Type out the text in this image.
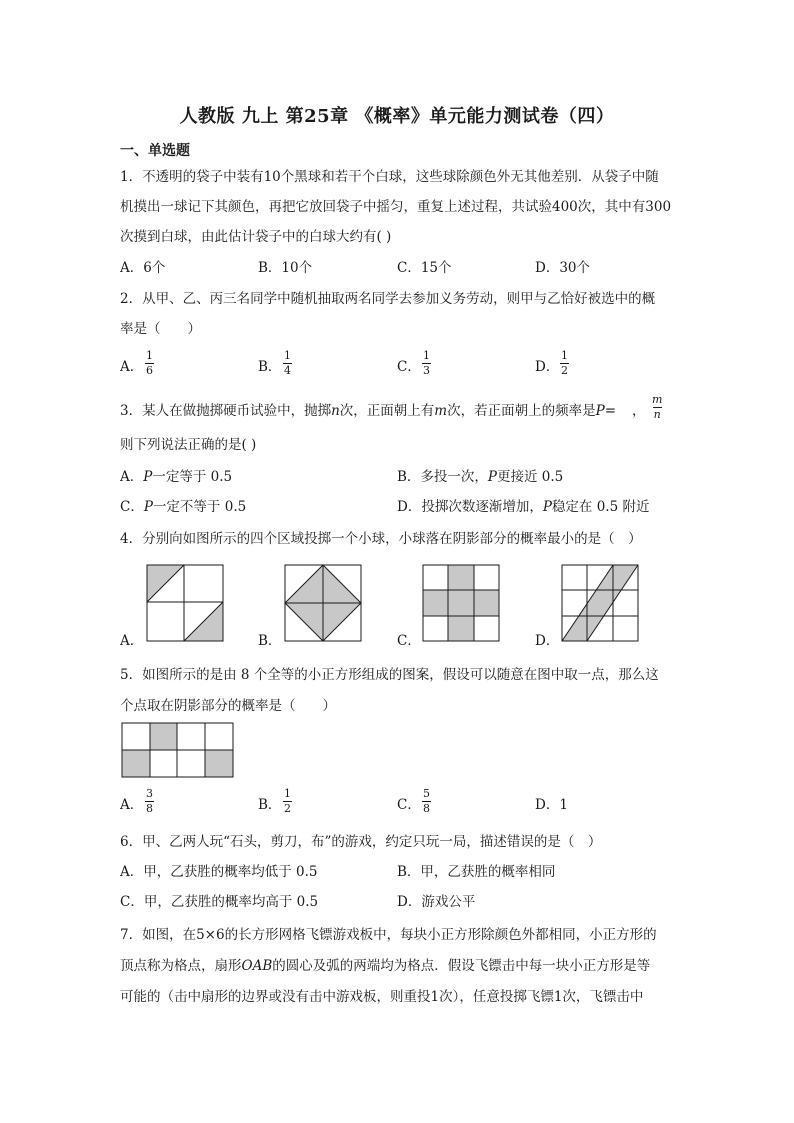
人教版 九上 第25章 《概率》单元能力测试卷（四）
一、单选题
1．不透明的袋子中装有10个黑球和若干个白球，这些球除颜色外无其他差别．从袋子中随
机摸出一球记下其颜色，再把它放回袋子中摇匀，重复上述过程，共试验400次，其中有300
次摸到白球，由此估计袋子中的白球大约有( )
A．6个	B．10个	C．15个	D．30个
2．从甲、乙、丙三名同学中随机抽取两名同学去参加义务劳动，则甲与乙恰好被选中的概
率是（　　）
A．
1
6	B．
1
4	C．
1
3	D．
1
2
3．某人在做抛掷硬币试验中，抛掷n次，正面朝上有m次，若正面朝上的频率是P= ，
m
n
则下列说法正确的是( )
A．P一定等于 0.5	B．多投一次，P更接近 0.5
C．P一定不等于 0.5	D．投掷次数逐渐增加，P稳定在 0.5 附近
4．分别向如图所示的四个区域投掷一个小球，小球落在阴影部分的概率最小的是（　）
A．	B．	C．	D．
5．如图所示的是由 8 个全等的小正方形组成的图案，假设可以随意在图中取一点，那么这
个点取在阴影部分的概率是（　　）
A．
3
8	B．
1
2	C．
5
8	D．1
6．甲、乙两人玩“石头，剪刀，布”的游戏，约定只玩一局，描述错误的是（　）
A．甲，乙获胜的概率均低于 0.5	B．甲，乙获胜的概率相同
C．甲，乙获胜的概率均高于 0.5	D．游戏公平
7．如图，在5×6的长方形网格飞镖游戏板中，每块小正方形除颜色外都相同，小正方形的
顶点称为格点，扇形OAB的圆心及弧的两端均为格点．假设飞镖击中每一块小正方形是等
可能的（击中扇形的边界或没有击中游戏板，则重投1次），任意投掷飞镖1次，飞镖击中
